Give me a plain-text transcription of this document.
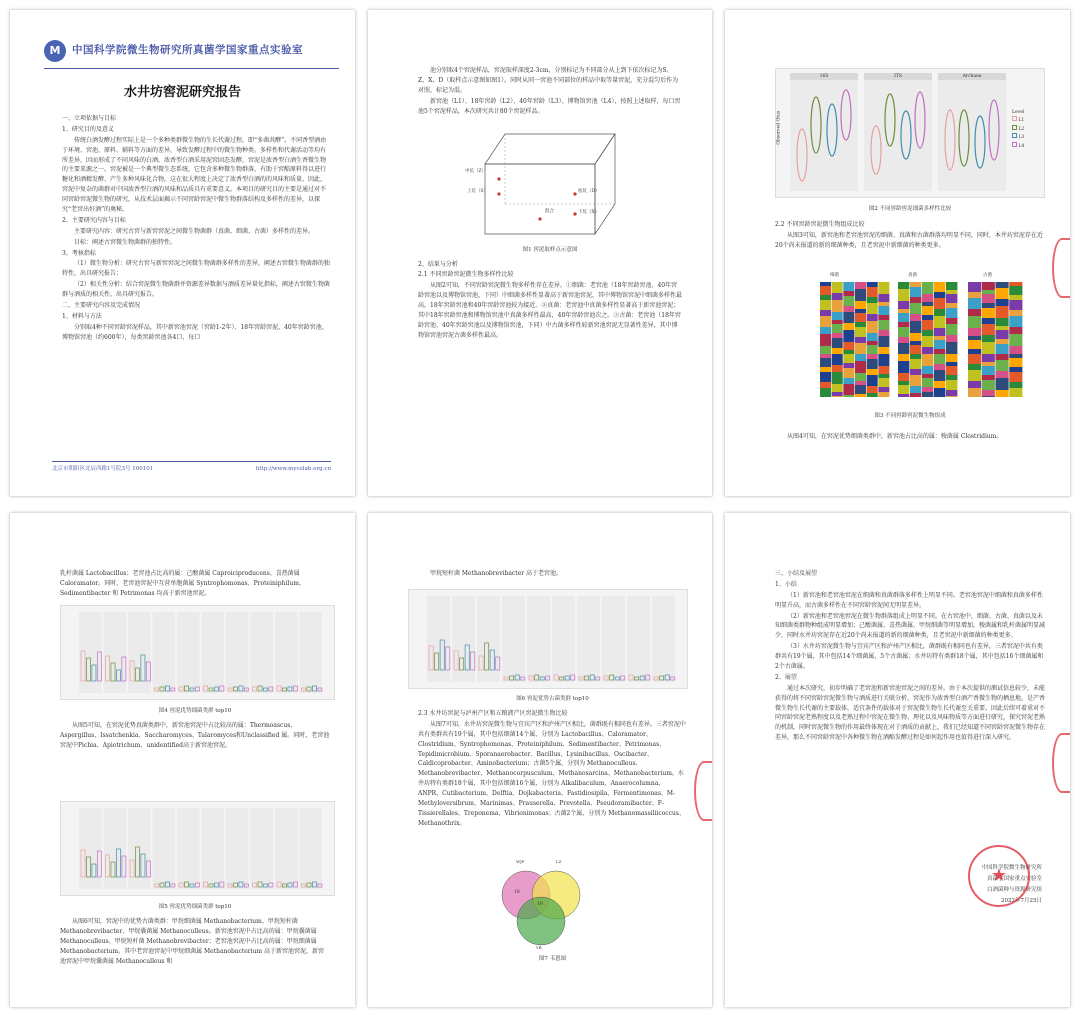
M	中国科学院微生物研究所真菌学国家重点实验室
水井坊窖泥研究报告

一、立项依据与目标

1、研究目的及意义

传统白酒发酵过程实际上是一个多种类群微生物的生长代谢过程，即“多菌共酵”。不同香型酒由于环境、窖池、原料、辅料等方面的差异，导致发酵过程中的微生物种类、多样性和代谢活动等均有所差异，因而形成了不同风味的白酒。浓香型白酒采用泥窖固态发酵，窖泥是浓香型白酒生香微生物的主要来源之一。窖泥被是一个典型微生态系统，它包含多种微生物群落，有助于窖醅原料得以进行糖化和酒精发酵、产生多种风味化合物，这在很大程度上决定了浓香型白酒的的风味和质量。因此，窖泥中复杂的菌群对中国浓香型白酒的风味和品质具有重要意义。本项目的研究目的主要是通过对不同窖龄窖泥微生物的研究，从技术层面揭示不同窖龄窖泥中微生物群落结构及多样性的差异，以探究“老窖出好酒”的奥秘。

2、主要研究内容与目标

主要研究内容：研究古窖与新窖窖泥之间微生物菌群（真菌、细菌、古菌）多样性的差异。

目标：阐述古窖微生物菌群的独特性。

3、考核指标

（1）微生物分析：研究古窖与新窖窖泥之间微生物菌群多样性的差异，阐述古窖微生物菌群的独特性，出具研究报告；

（2）相关性分析：结合窖泥微生物菌群并资源差异数据与酒质差异量化指标，阐述古窖微生物菌群与酒质的相关性，出具研究报告。

二、主要研究内容及完成情况

1、材料与方法

分别取4种不同窖龄窖泥样品，其中新窖池窖泥（窖龄1-2年）、18年窖龄窖泥、40年窖龄窖池、博物馆窖池（约600年），每类窖龄窖池各4口，每口

北京市朝阳区北辰西路1号院3号 100101	http://www.mycolab.org.cn

池分别取4个窖泥样品，窖泥取样深度2-3cm，分别标记为不同部分从上到下依次标记为S、Z、X、D（取样点示意图如图1）。同时从同一窖池不同部位的样品中取等量窖泥，充分混匀后作为对照，标记为混。

新窖池（L1）、18年窖龄（L2）、40年窖龄（L3）、博物馆窖池（L4），按照上述取样，每口窖池5个窖泥样品，本次研究共计80个窖泥样品。

中坑（Z）
上坑（S）
混合
底坑（D）
下坑（X）
图1 窖泥取样点示意图

2、结果与分析

2.1 不同窖龄窖泥微生物多样性比较

从图2可知，不同窖龄窖泥微生物多样性存在差异。①细菌：老窖池（18年窖龄窖池、40年窖龄窖池以及博物馆窖池，下同）中细菌多样性显著高于新窖池窖泥，其中博物馆窖泥中细菌多样性最高，18年窖龄窖池和40年窖龄窖池较为接近。②真菌：老窖池中真菌多样性显著高于新窖池窖泥；其中18年窖龄窖池和博物馆窖池中真菌多样性最高，40年窖龄窖池次之。③古菌：老窖池（18年窖龄窖池、40年窖龄窖池以及博物馆窖池，下同）中古菌多样性较新窖池窖泥无显著性差异，其中博物馆窖池窖泥古菌多样性最高。

Observed Otus
16S	ITS	Archaea
Level
L1
L2
L3
L4
图2 不同窖龄窖泥细菌多样性比较

2.2 不同窖龄窖泥微生物组成比较

从图3可知，新窖池和老窖池窖泥的细菌、真菌和古菌群落均明显不同，同时，本井坊窖泥存在近20个尚未报道的新的细菌种类，且老窖泥中新细菌的种类更多。

细菌	真菌	古菌
图3 不同窖龄窖泥微生物组成

从图4可知，在窖泥优势细菌类群中，新窖池占比高的属：梭菌属 Clostridium。

乳杆菌属 Lactobacillus；老窖池占比高的属：己酸菌属 Caproiciproducens、喜热菌属 Caloramator。同时，老窖池窖泥中互营单胞菌属 Syntrophomonas、Proteiniphilum、Sedimentibacter 和 Petrimonas 均高于新窖池窖泥。

图4 窖泥优势细菌类群 top10

从图5可知，在窖泥优势真菌类群中，新窖池窖泥中占比较高的属：Thermoascus、Aspergillus、Issatchenkia、Saccharomyces、Talaromyces和Unclassified 属。同时，老窖池窖泥中Pichia、Apiotrichum、unidentified高于新窖池窖泥。

图5 窖泥优势细菌类群 top10

从图6可知，窖泥中的优势古菌类群：甲烷细菌属 Methanobacterium、甲烷短杆菌 Methanobrevibacter、甲烷囊菌属 Methanoculleus。新窖池窖泥中占比高的属：甲烷囊菌属 Methanoculleus、甲烷短杆菌 Methanobrevibacter；老窖池窖泥中占比高的属：甲烷细菌属 Methanobacterium。其中老窖池窖泥中甲烷细菌属 Methanobacterium 高于新窖池窖泥，新窖池窖泥中甲烷囊菌属 Methanoculleus 和

甲烷短杆菌 Methanobrevibacter 高于老窖池。

图6 窖泥优势古菌类群 top10

2.3 水井坊窖泥与泸州产区和五粮液产区窖泥微生物比较

从图7可知，水井坊窖泥微生物与宜宾产区和泸州产区相比，菌群既有相同也有差异。三者窖泥中共有类群共有19个属，其中包括细菌14个属，分别为 Lactobacillus、Caloramator、Clostridium、Syntrophomonas、Proteiniphilum、Sedimentibacter、Petrimonas、Tepidimicrobium、Sporanaerobacter、Bacillus、Lysinibacillus、Oscibacter、Caldicoprobacter、Aminobacterium；古菌5个属，分别为 Methanoculleus、Methanobrevibacter、Methanocorpusculum、Methanosarcina、Methanobacterium。水井坊特有类群18个属，其中包括细菌16个属，分别为 Alkalibaculum、Anaerocolumna、ANPR、Cutibacterium、Delftia、Dojkabacteria、Fastidiosipila、Fermentimonas、M-Methyloversibrum、Marinimas、Prauserella、Prevotella、Pseudoramibacter、F-Tissierellales、Treponema、Vibrionimonas；古菌2个属，分别为 Methanomassiliicoccus、Methanothrix。

WJF	LZ
YB
19
18
图7 韦恩图

三、小结及展望

1、小结

（1）新窖池和老窖池窖泥在细菌和真菌群落多样性上明显不同。老窖池窖泥中细菌和真菌多样性明显升高，而古菌多样性在不同窖龄窖泥间无明显差异。

（2）新窖池和老窖池窖泥在微生物群落组成上明显不同。在古窖池中，细菌、古菌、真菌以及未知细菌类群物种组成明显增加；己酸菌属、喜热菌属、甲烷细菌等明显增加，梭菌属和乳杆菌属明显减少，同时水井坊窖泥存在近20个尚未报道的新的细菌种类，且老窖泥中新细菌的种类更多。

（3）水井坊窖泥微生物与宜宾产区和泸州产区相比，菌群既有相同也有差异，三者窖泥中共有类群共有19个属，其中包括14个细菌属，5个古菌属；水井坊特有类群18个属，其中包括16个细菌属和2个古菌属。

2、展望

通过本次研究，初步明确了老窖池和新窖池窖泥之间的差异。由于本次提供的测试信息较少，未能获得的将不同窖龄窖泥微生物与酒质进行关联分析，窖泥作为浓香型白酒产香微生物的栖息地，是产香微生物生长代谢的主要载体，适宜条件的载体对于窖泥微生物生长代谢至关重要。因此后续可着重对不同窖龄窖泥老熟程度以及老熟过程中窖泥在微生物、理化以及风味物质等方面进行研究，探究窖泥老熟的机制，同时窖泥微生物的作用最终体现在对于酒质的贡献上，我们已经知道不同窖龄窖泥微生物存在差异，那么不同窖龄窖泥中各种微生物在酒醅发酵过程是如何起作用也值得进行深入研究。

中国科学院微生物研究所
真菌学国家重点实验室
白酒菌种与资源研究组
2022年7月25日
★
